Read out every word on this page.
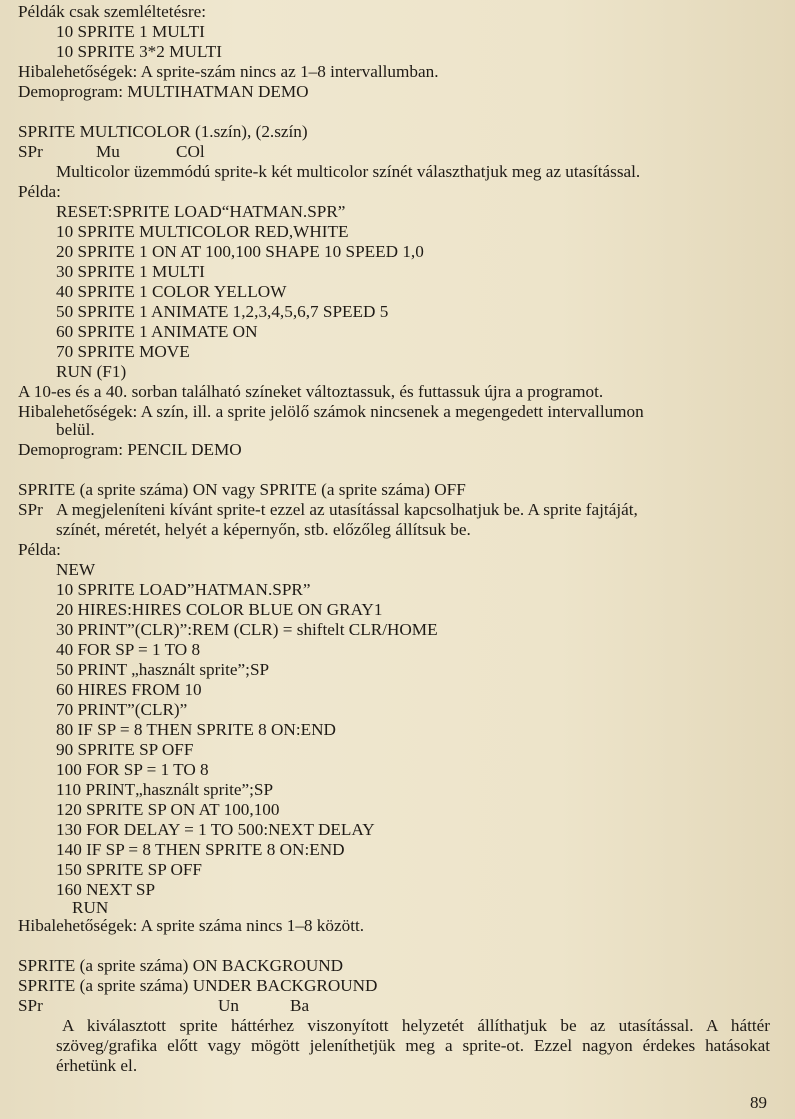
Példák csak szemléltetésre:
10 SPRITE 1 MULTI
10 SPRITE 3*2 MULTI
Hibalehetőségek: A sprite-szám nincs az 1–8 intervallumban.
Demoprogram: MULTIHATMAN DEMO
SPRITE MULTICOLOR (1.szín), (2.szín)
SPr	Mu	COl
Multicolor üzemmódú sprite-k két multicolor színét választhatjuk meg az utasítással.
Példa:
RESET:SPRITE LOAD“HATMAN.SPR”
10 SPRITE MULTICOLOR RED,WHITE
20 SPRITE 1 ON AT 100,100 SHAPE 10 SPEED 1,0
30 SPRITE 1 MULTI
40 SPRITE 1 COLOR YELLOW
50 SPRITE 1 ANIMATE 1,2,3,4,5,6,7 SPEED 5
60 SPRITE 1 ANIMATE ON
70 SPRITE MOVE
RUN (F1)
A 10-es és a 40. sorban található színeket változtassuk, és futtassuk újra a programot.
Hibalehetőségek: A szín, ill. a sprite jelölő számok nincsenek a megengedett intervallumon
belül.
Demoprogram: PENCIL DEMO
SPRITE (a sprite száma) ON vagy SPRITE (a sprite száma) OFF
SPr A megjeleníteni kívánt sprite-t ezzel az utasítással kapcsolhatjuk be. A sprite fajtáját,
színét, méretét, helyét a képernyőn, stb. előzőleg állítsuk be.
Példa:
NEW
10 SPRITE LOAD”HATMAN.SPR”
20 HIRES:HIRES COLOR BLUE ON GRAY1
30 PRINT”(CLR)”:REM (CLR) = shiftelt CLR/HOME
40 FOR SP = 1 TO 8
50 PRINT „használt sprite”;SP
60 HIRES FROM 10
70 PRINT”(CLR)”
80 IF SP = 8 THEN SPRITE 8 ON:END
90 SPRITE SP OFF
100 FOR SP = 1 TO 8
110 PRINT„használt sprite”;SP
120 SPRITE SP ON AT 100,100
130 FOR DELAY = 1 TO 500:NEXT DELAY
140 IF SP = 8 THEN SPRITE 8 ON:END
150 SPRITE SP OFF
160 NEXT SP
RUN
Hibalehetőségek: A sprite száma nincs 1–8 között.
SPRITE (a sprite száma) ON BACKGROUND
SPRITE (a sprite száma) UNDER BACKGROUND
SPr	Un	Ba
A kiválasztott sprite háttérhez viszonyított helyzetét állíthatjuk be az utasítással. A háttér szöveg/grafika előtt vagy mögött jeleníthetjük meg a sprite-ot. Ezzel nagyon érdekes hatásokat érhetünk el.
89
